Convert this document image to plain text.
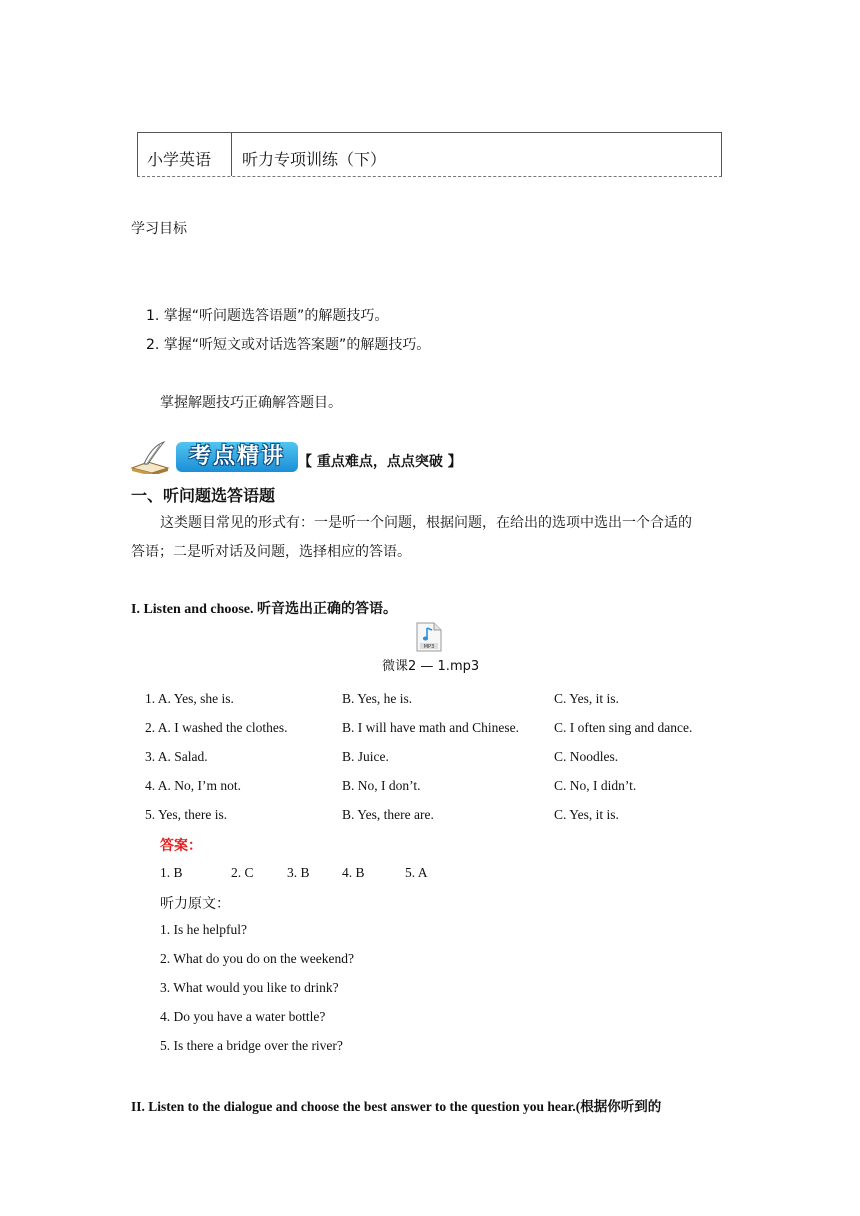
小学英语 听力专项训练（下）
学习目标
1. 掌握“听问题选答语题”的解题技巧。
2. 掌握“听短文或对话选答案题”的解题技巧。
掌握解题技巧正确解答题目。
考点精讲 【 重点难点，点点突破 】
一、听问题选答语题
这类题目常见的形式有：一是听一个问题，根据问题，在给出的选项中选出一个合适的
答语；二是听对话及问题，选择相应的答语。
I. Listen and choose. 听音选出正确的答语。
MP3
微课2 — 1.mp3
1. A. Yes, she is.	B. Yes, he is.	C. Yes, it is.
2. A. I washed the clothes.	B. I will have math and Chinese.	C. I often sing and dance.
3. A. Salad.	B. Juice.	C. Noodles.
4. A. No, I’m not.	B. No, I don’t.	C. No, I didn’t.
5. Yes, there is.	B. Yes, there are.	C. Yes, it is.
答案：
1. B	2. C 3. B 4. B	5. A
听力原文：
1. Is he helpful?
2. What do you do on the weekend?
3. What would you like to drink?
4. Do you have a water bottle?
5. Is there a bridge over the river?
II. Listen to the dialogue and choose the best answer to the question you hear.(根据你听到的
